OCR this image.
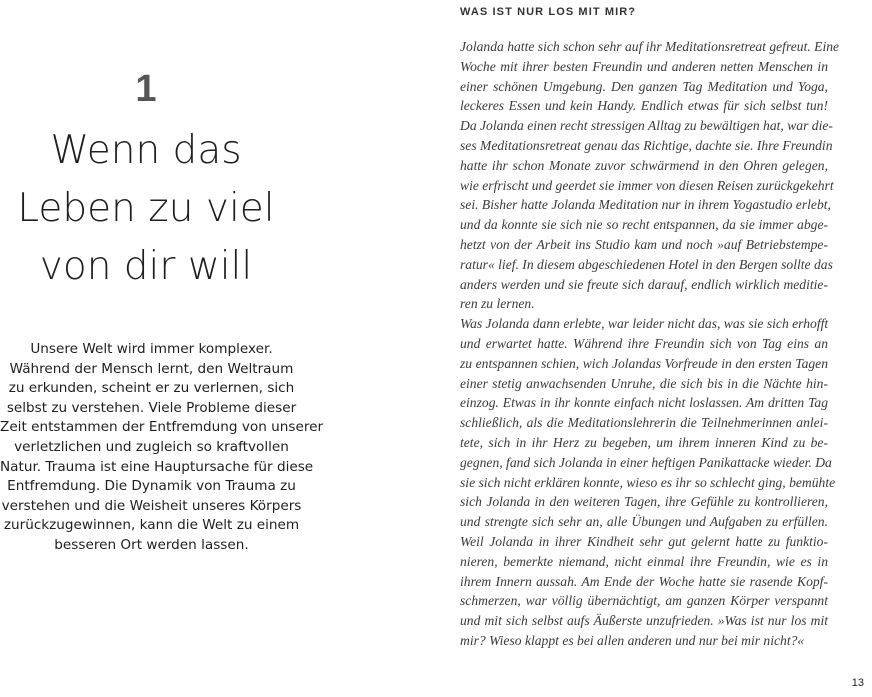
1
Wenn das
Leben zu viel
von dir will
Unsere Welt wird immer komplexer.
Während der Mensch lernt, den Weltraum
zu erkunden, scheint er zu verlernen, sich
selbst zu verstehen. Viele Probleme dieser
Zeit entstammen der Entfremdung von unserer
verletzlichen und zugleich so kraftvollen
Natur. Trauma ist eine Hauptursache für diese
Entfremdung. Die Dynamik von Trauma zu
verstehen und die Weisheit unseres Körpers
zurückzugewinnen, kann die Welt zu einem
besseren Ort werden lassen.
WAS IST NUR LOS MIT MIR?
Jolanda hatte sich schon sehr auf ihr Meditationsretreat gefreut. Eine
Woche mit ihrer besten Freundin und anderen netten Menschen in
einer schönen Umgebung. Den ganzen Tag Meditation und Yoga,
leckeres Essen und kein Handy. Endlich etwas für sich selbst tun!
Da Jolanda einen recht stressigen Alltag zu bewältigen hat, war die-
ses Meditationsretreat genau das Richtige, dachte sie. Ihre Freundin
hatte ihr schon Monate zuvor schwärmend in den Ohren gelegen,
wie erfrischt und geerdet sie immer von diesen Reisen zurückgekehrt
sei. Bisher hatte Jolanda Meditation nur in ihrem Yogastudio erlebt,
und da konnte sie sich nie so recht entspannen, da sie immer abge-
hetzt von der Arbeit ins Studio kam und noch »auf Betriebstempe-
ratur« lief. In diesem abgeschiedenen Hotel in den Bergen sollte das
anders werden und sie freute sich darauf, endlich wirklich meditie-
ren zu lernen.
Was Jolanda dann erlebte, war leider nicht das, was sie sich erhofft
und erwartet hatte. Während ihre Freundin sich von Tag eins an
zu entspannen schien, wich Jolandas Vorfreude in den ersten Tagen
einer stetig anwachsenden Unruhe, die sich bis in die Nächte hin-
einzog. Etwas in ihr konnte einfach nicht loslassen. Am dritten Tag
schließlich, als die Meditationslehrerin die Teilnehmerinnen anlei-
tete, sich in ihr Herz zu begeben, um ihrem inneren Kind zu be-
gegnen, fand sich Jolanda in einer heftigen Panikattacke wieder. Da
sie sich nicht erklären konnte, wieso es ihr so schlecht ging, bemühte
sich Jolanda in den weiteren Tagen, ihre Gefühle zu kontrollieren,
und strengte sich sehr an, alle Übungen und Aufgaben zu erfüllen.
Weil Jolanda in ihrer Kindheit sehr gut gelernt hatte zu funktio-
nieren, bemerkte niemand, nicht einmal ihre Freundin, wie es in
ihrem Innern aussah. Am Ende der Woche hatte sie rasende Kopf-
schmerzen, war völlig übernächtigt, am ganzen Körper verspannt
und mit sich selbst aufs Äußerste unzufrieden. »Was ist nur los mit
mir? Wieso klappt es bei allen anderen und nur bei mir nicht?«
13
